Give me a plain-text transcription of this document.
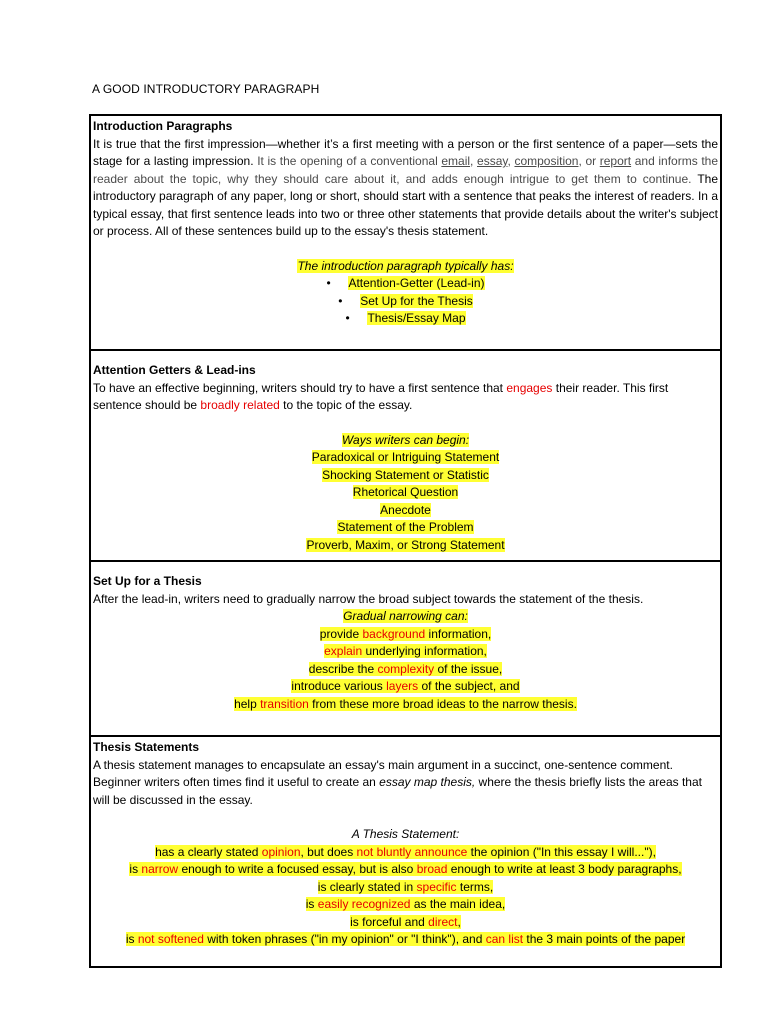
A GOOD INTRODUCTORY PARAGRAPH
Introduction Paragraphs
It is true that the first impression—whether it’s a first meeting with a person or the first sentence of a paper—sets the stage for a lasting impression. It is the opening of a conventional email, essay, composition, or report and informs the reader about the topic, why they should care about it, and adds enough intrigue to get them to continue. The introductory paragraph of any paper, long or short, should start with a sentence that peaks the interest of readers. In a typical essay, that first sentence leads into two or three other statements that provide details about the writer's subject or process. All of these sentences build up to the essay's thesis statement.
The introduction paragraph typically has:
• Attention-Getter (Lead-in)
• Set Up for the Thesis
• Thesis/Essay Map
Attention Getters & Lead-ins
To have an effective beginning, writers should try to have a first sentence that engages their reader. This first sentence should be broadly related to the topic of the essay.
Ways writers can begin:
Paradoxical or Intriguing Statement
Shocking Statement or Statistic
Rhetorical Question
Anecdote
Statement of the Problem
Proverb, Maxim, or Strong Statement
Set Up for a Thesis
After the lead-in, writers need to gradually narrow the broad subject towards the statement of the thesis.
Gradual narrowing can:
provide background information,
explain underlying information,
describe the complexity of the issue,
introduce various layers of the subject, and
help transition from these more broad ideas to the narrow thesis.
Thesis Statements
A thesis statement manages to encapsulate an essay's main argument in a succinct, one-sentence comment. Beginner writers often times find it useful to create an essay map thesis, where the thesis briefly lists the areas that will be discussed in the essay.
A Thesis Statement:
has a clearly stated opinion, but does not bluntly announce the opinion ("In this essay I will..."),
is narrow enough to write a focused essay, but is also broad enough to write at least 3 body paragraphs,
is clearly stated in specific terms,
is easily recognized as the main idea,
is forceful and direct,
is not softened with token phrases ("in my opinion" or "I think"), and can list the 3 main points of the paper
